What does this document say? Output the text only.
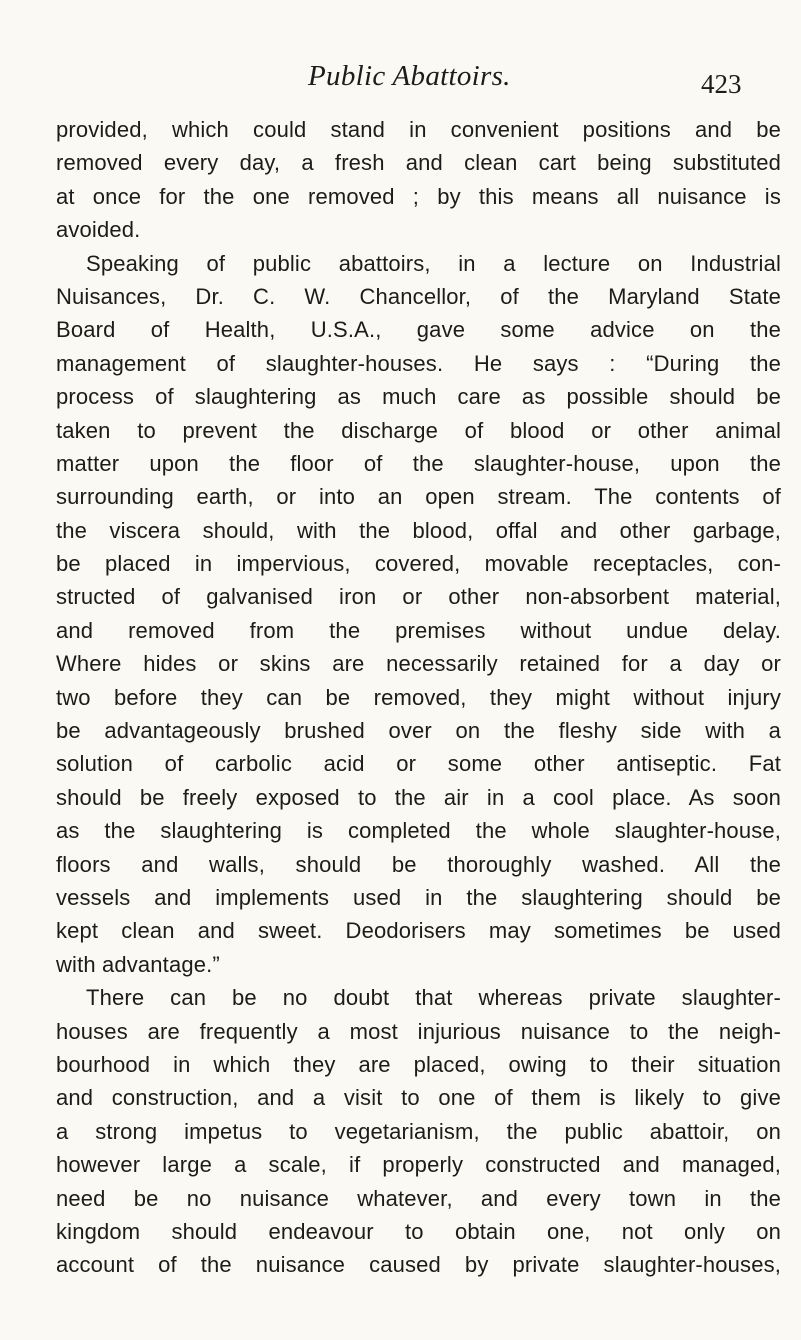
Public Abattoirs.	423
provided, which could stand in convenient positions and be
removed every day, a fresh and clean cart being substituted
at once for the one removed ; by this means all nuisance is
avoided.
Speaking of public abattoirs, in a lecture on Industrial
Nuisances, Dr. C. W. Chancellor, of the Maryland State
Board of Health, U.S.A., gave some advice on the
management of slaughter-houses. He says : “During the
process of slaughtering as much care as possible should be
taken to prevent the discharge of blood or other animal
matter upon the floor of the slaughter-house, upon the
surrounding earth, or into an open stream. The contents of
the viscera should, with the blood, offal and other garbage,
be placed in impervious, covered, movable receptacles, con-
structed of galvanised iron or other non-absorbent material,
and removed from the premises without undue delay.
Where hides or skins are necessarily retained for a day or
two before they can be removed, they might without injury
be advantageously brushed over on the fleshy side with a
solution of carbolic acid or some other antiseptic. Fat
should be freely exposed to the air in a cool place. As soon
as the slaughtering is completed the whole slaughter-house,
floors and walls, should be thoroughly washed. All the
vessels and implements used in the slaughtering should be
kept clean and sweet. Deodorisers may sometimes be used
with advantage.”
There can be no doubt that whereas private slaughter-
houses are frequently a most injurious nuisance to the neigh-
bourhood in which they are placed, owing to their situation
and construction, and a visit to one of them is likely to give
a strong impetus to vegetarianism, the public abattoir, on
however large a scale, if properly constructed and managed,
need be no nuisance whatever, and every town in the
kingdom should endeavour to obtain one, not only on
account of the nuisance caused by private slaughter-houses,
